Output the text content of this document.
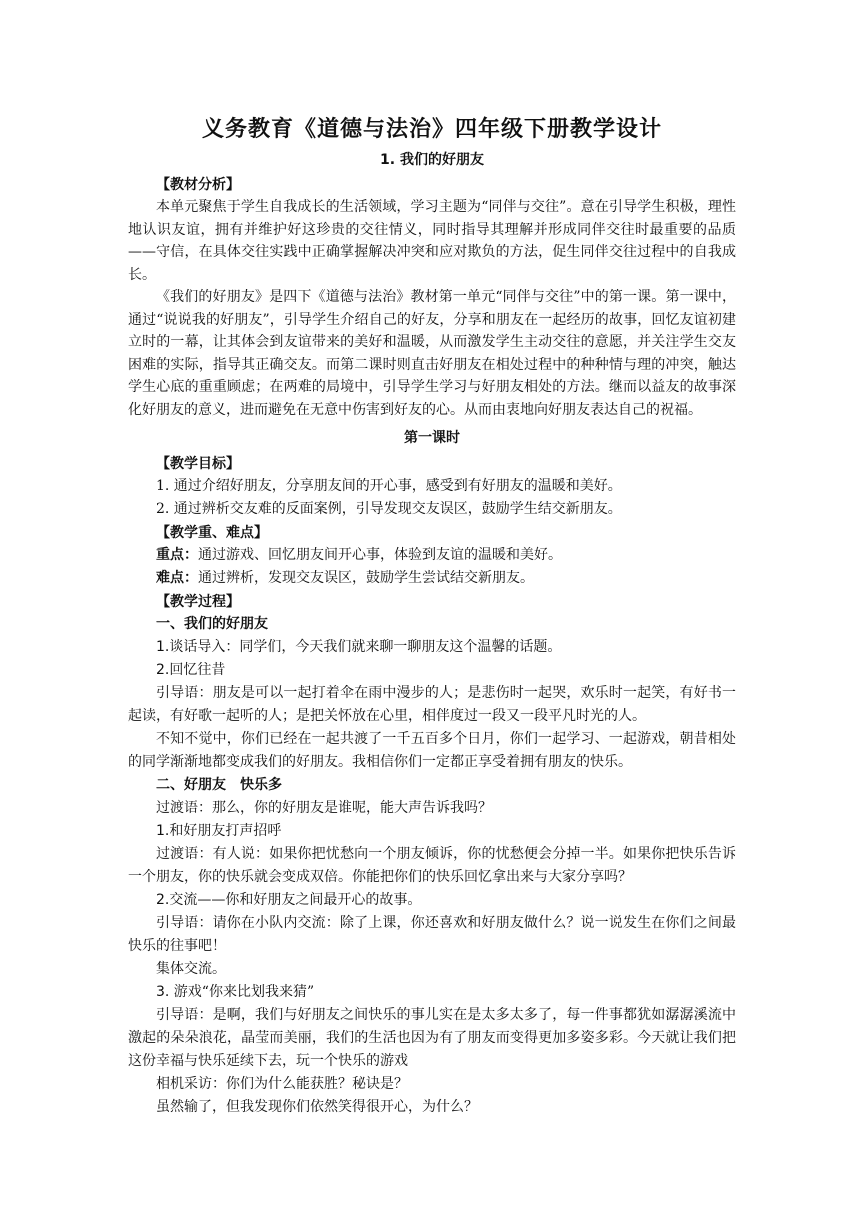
义务教育《道德与法治》四年级下册教学设计
1. 我们的好朋友

【教材分析】

本单元聚焦于学生自我成长的生活领域，学习主题为“同伴与交往”。意在引导学生积极，理性地认识友谊，拥有并维护好这珍贵的交往情义，同时指导其理解并形成同伴交往时最重要的品质——守信，在具体交往实践中正确掌握解决冲突和应对欺负的方法，促生同伴交往过程中的自我成长。

《我们的好朋友》是四下《道德与法治》教材第一单元“同伴与交往”中的第一课。第一课中，通过“说说我的好朋友”，引导学生介绍自己的好友，分享和朋友在一起经历的故事，回忆友谊初建立时的一幕，让其体会到友谊带来的美好和温暖，从而激发学生主动交往的意愿，并关注学生交友困难的实际，指导其正确交友。而第二课时则直击好朋友在相处过程中的种种情与理的冲突，触达学生心底的重重顾虑；在两难的局境中，引导学生学习与好朋友相处的方法。继而以益友的故事深化好朋友的意义，进而避免在无意中伤害到好友的心。从而由衷地向好朋友表达自己的祝福。

第一课时

【教学目标】

1. 通过介绍好朋友，分享朋友间的开心事，感受到有好朋友的温暖和美好。

2. 通过辨析交友难的反面案例，引导发现交友误区，鼓励学生结交新朋友。

【教学重、难点】

重点：通过游戏、回忆朋友间开心事，体验到友谊的温暖和美好。

难点：通过辨析，发现交友误区，鼓励学生尝试结交新朋友。

【教学过程】

一、我们的好朋友

1.谈话导入：同学们，今天我们就来聊一聊朋友这个温馨的话题。

2.回忆往昔

引导语：朋友是可以一起打着伞在雨中漫步的人；是悲伤时一起哭，欢乐时一起笑，有好书一起读，有好歌一起听的人；是把关怀放在心里，相伴度过一段又一段平凡时光的人。

不知不觉中，你们已经在一起共渡了一千五百多个日月，你们一起学习、一起游戏，朝昔相处的同学渐渐地都变成我们的好朋友。我相信你们一定都正享受着拥有朋友的快乐。

二、好朋友　快乐多

过渡语：那么，你的好朋友是谁呢，能大声告诉我吗？

1.和好朋友打声招呼

过渡语：有人说：如果你把忧愁向一个朋友倾诉，你的忧愁便会分掉一半。如果你把快乐告诉一个朋友，你的快乐就会变成双倍。你能把你们的快乐回忆拿出来与大家分享吗？

2.交流——你和好朋友之间最开心的故事。

引导语：请你在小队内交流：除了上课，你还喜欢和好朋友做什么？说一说发生在你们之间最快乐的往事吧！

集体交流。

3. 游戏“你来比划我来猜”

引导语：是啊，我们与好朋友之间快乐的事儿实在是太多太多了，每一件事都犹如潺潺溪流中激起的朵朵浪花，晶莹而美丽，我们的生活也因为有了朋友而变得更加多姿多彩。今天就让我们把这份幸福与快乐延续下去，玩一个快乐的游戏

相机采访：你们为什么能获胜？秘诀是？

虽然输了，但我发现你们依然笑得很开心，为什么？
